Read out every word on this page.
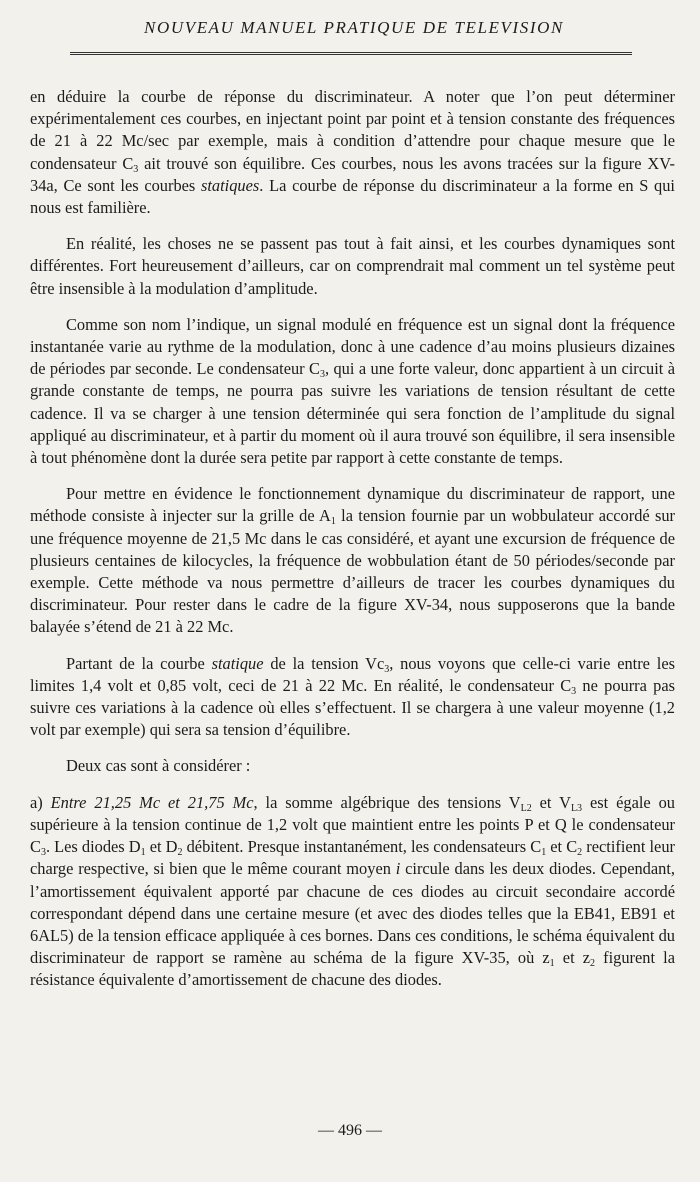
NOUVEAU MANUEL PRATIQUE DE TELEVISION

en déduire la courbe de réponse du discriminateur. A noter que l’on peut déterminer expérimentalement ces courbes, en injectant point par point et à tension constante des fréquences de 21 à 22 Mc/sec par exemple, mais à condition d’attendre pour chaque mesure que le condensateur $C_3$ ait trouvé son équilibre. Ces courbes, nous les avons tracées sur la figure XV-34a, Ce sont les courbes statiques. La courbe de réponse du discriminateur a la forme en S qui nous est familière.

En réalité, les choses ne se passent pas tout à fait ainsi, et les courbes dynamiques sont différentes. Fort heureusement d’ailleurs, car on comprendrait mal comment un tel système peut être insensible à la modulation d’amplitude.

Comme son nom l’indique, un signal modulé en fréquence est un signal dont la fréquence instantanée varie au rythme de la modulation, donc à une cadence d’au moins plusieurs dizaines de périodes par seconde. Le condensateur $C_3$, qui a une forte valeur, donc appartient à un circuit à grande constante de temps, ne pourra pas suivre les variations de tension résultant de cette cadence. Il va se charger à une tension déterminée qui sera fonction de l’amplitude du signal appliqué au discriminateur, et à partir du moment où il aura trouvé son équilibre, il sera insensible à tout phénomène dont la durée sera petite par rapport à cette constante de temps.

Pour mettre en évidence le fonctionnement dynamique du discriminateur de rapport, une méthode consiste à injecter sur la grille de $A_1$ la tension fournie par un wobbulateur accordé sur une fréquence moyenne de 21,5 Mc dans le cas considéré, et ayant une excursion de fréquence de plusieurs centaines de kilocycles, la fréquence de wobbulation étant de 50 périodes/seconde par exemple. Cette méthode va nous permettre d’ailleurs de tracer les courbes dynamiques du discriminateur. Pour rester dans le cadre de la figure XV-34, nous supposerons que la bande balayée s’étend de 21 à 22 Mc.

Partant de la courbe statique de la tension $Vc_3$, nous voyons que celle-ci varie entre les limites 1,4 volt et 0,85 volt, ceci de 21 à 22 Mc. En réalité, le condensateur $C_3$ ne pourra pas suivre ces variations à la cadence où elles s’effectuent. Il se chargera à une valeur moyenne (1,2 volt par exemple) qui sera sa tension d’équilibre.

Deux cas sont à considérer :

a) Entre 21,25 Mc et 21,75 Mc, la somme algébrique des tensions $V_{L2}$ et $V_{L3}$ est égale ou supérieure à la tension continue de 1,2 volt que maintient entre les points P et Q le condensateur $C_3$. Les diodes $D_1$ et $D_2$ débitent. Presque instantanément, les condensateurs $C_1$ et $C_2$ rectifient leur charge respective, si bien que le même courant moyen i circule dans les deux diodes. Cependant, l’amortissement équivalent apporté par chacune de ces diodes au circuit secondaire accordé correspondant dépend dans une certaine mesure (et avec des diodes telles que la EB41, EB91 et 6AL5) de la tension efficace appliquée à ces bornes. Dans ces conditions, le schéma équivalent du discriminateur de rapport se ramène au schéma de la figure XV-35, où $z_1$ et $z_2$ figurent la résistance équivalente d’amortissement de chacune des diodes.

— 496 —
